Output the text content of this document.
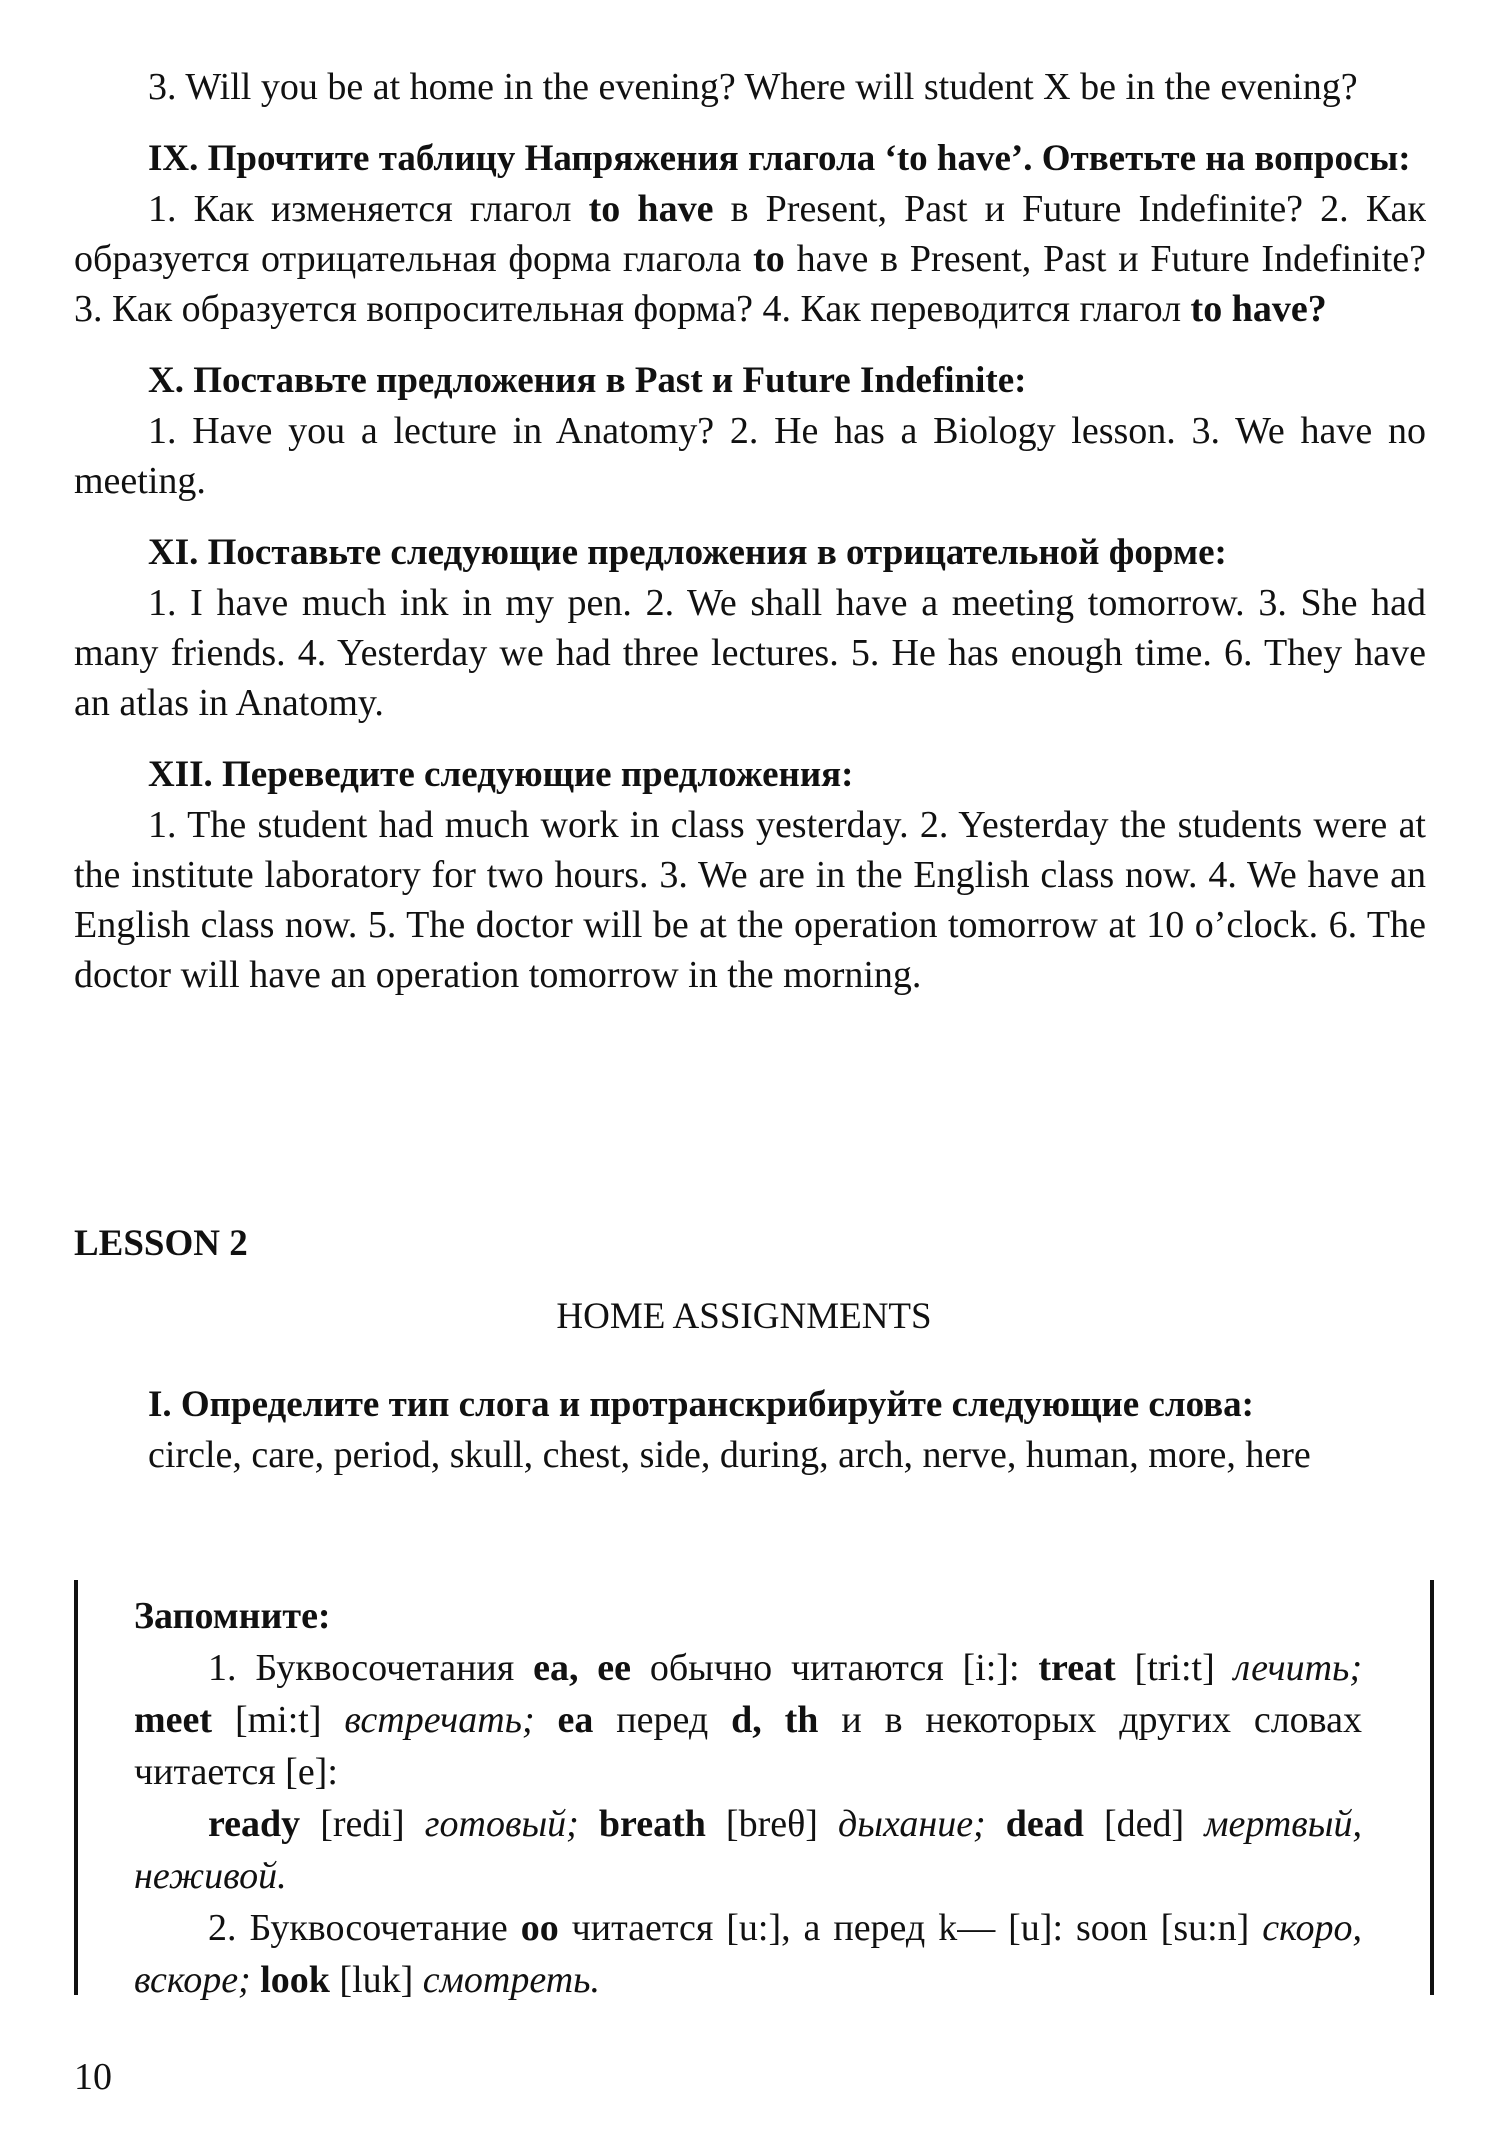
3. Will you be at home in the evening? Where will student X be in the evening?

IX. Прочтите таблицу Напряжения глагола ‘to have’. Ответьте на вопросы:

1. Как изменяется глагол to have в Present, Past и Future Indefinite? 2. Как образуется отрицательная форма глагола to have в Present, Past и Future Indefinite? 3. Как образуется вопросительная форма? 4. Как переводится глагол to have?

X. Поставьте предложения в Past и Future Indefinite:

1. Have you a lecture in Anatomy? 2. He has a Biology lesson. 3. We have no meeting.

XI. Поставьте следующие предложения в отрицательной форме:

1. I have much ink in my pen. 2. We shall have a meeting tomorrow. 3. She had many friends. 4. Yesterday we had three lectures. 5. He has enough time. 6. They have an atlas in Anatomy.

XII. Переведите следующие предложения:

1. The student had much work in class yesterday. 2. Yesterday the students were at the institute laboratory for two hours. 3. We are in the English class now. 4. We have an English class now. 5. The doctor will be at the operation tomorrow at 10 o’clock. 6. The doctor will have an operation tomorrow in the morning.

LESSON 2
HOME ASSIGNMENTS

I. Определите тип слога и протранскрибируйте следующие слова:

circle, care, period, skull, chest, side, during, arch, nerve, human, more, here

Запомните:

1. Буквосочетания ea, ee обычно читаются [i:]: treat [tri:t] лечить; meet [mi:t] встречать; ea перед d, th и в некоторых других словах читается [e]:

ready [redi] готовый; breath [breθ] дыхание; dead [ded] мертвый, неживой.

2. Буквосочетание oo читается [u:], а перед k— [u]: soon [su:n] скоро, вскоре; look [luk] смотреть.

10
